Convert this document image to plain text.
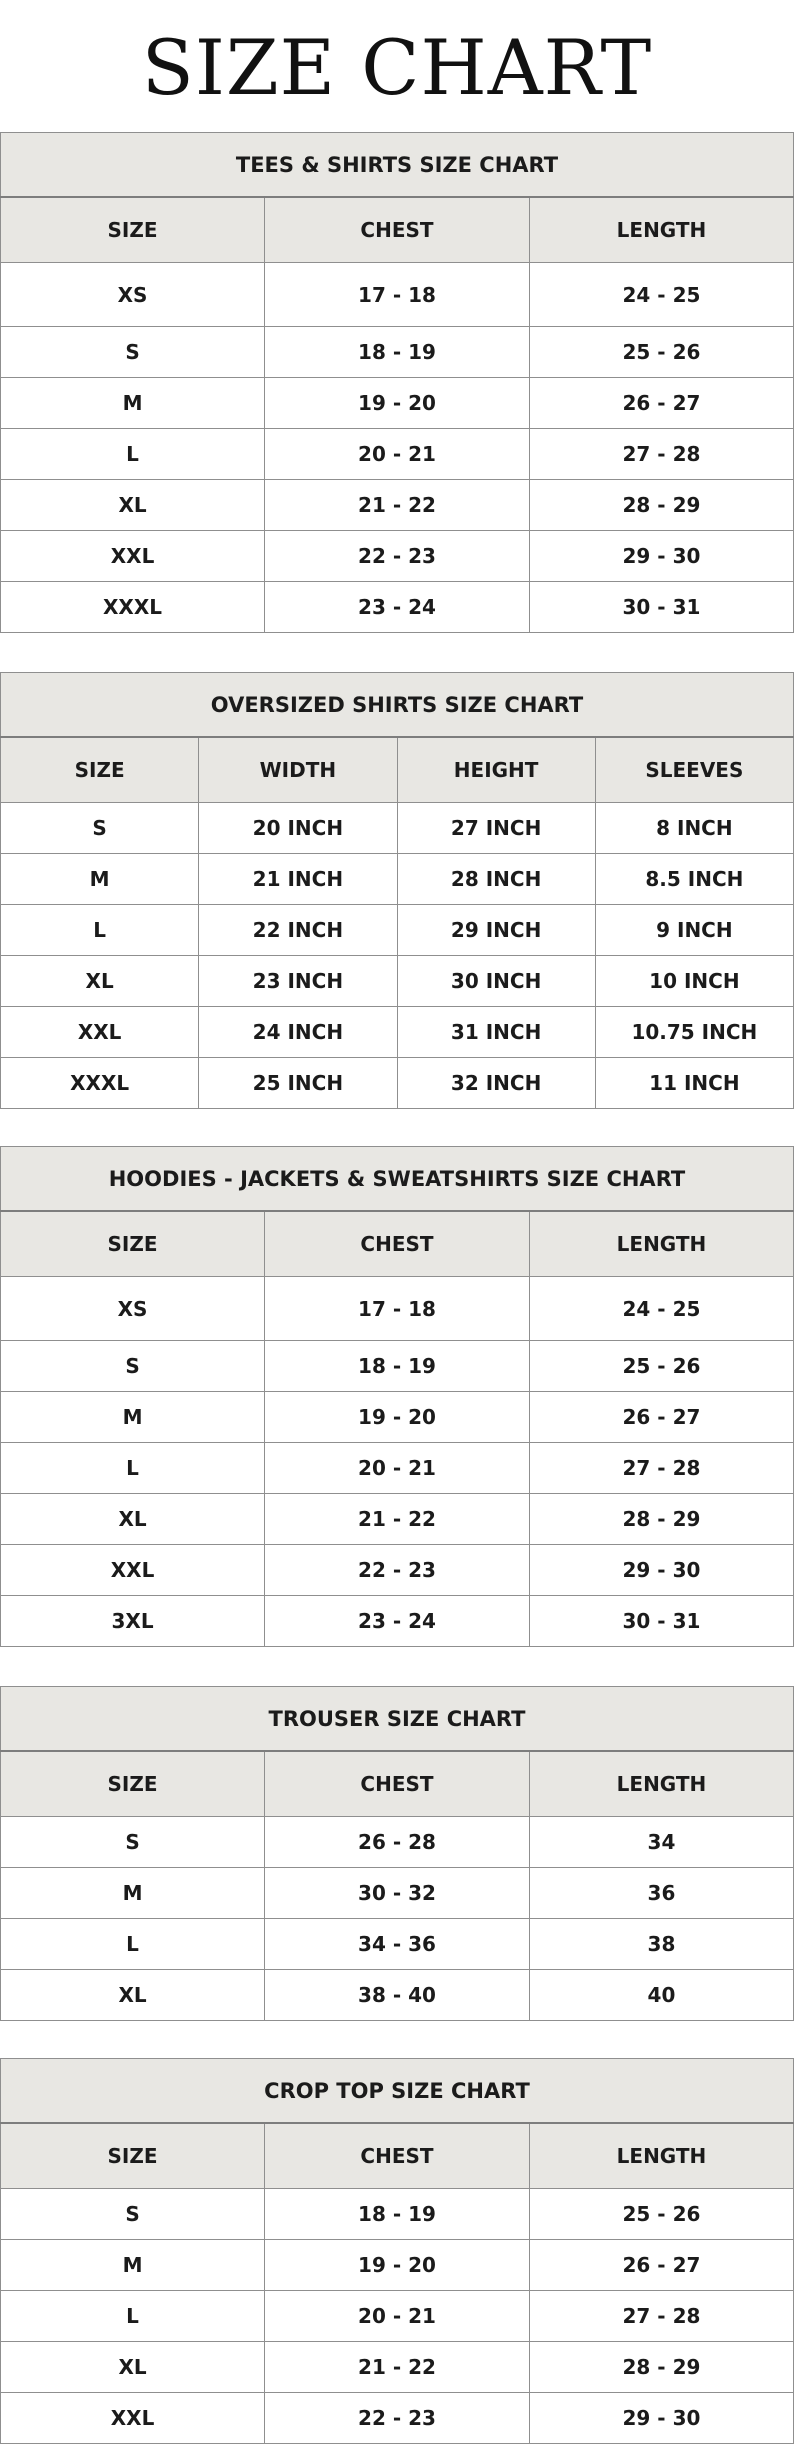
SIZE CHART
TEES & SHIRTS SIZE CHART		
SIZE	CHEST	LENGTH
XS	17 - 18	24 - 25
S	18 - 19	25 - 26
M	19 - 20	26 - 27
L	20 - 21	27 - 28
XL	21 - 22	28 - 29
XXL	22 - 23	29 - 30
XXXL	23 - 24	30 - 31
OVERSIZED SHIRTS SIZE CHART			
SIZE	WIDTH	HEIGHT	SLEEVES
S	20 INCH	27 INCH	8 INCH
M	21 INCH	28 INCH	8.5 INCH
L	22 INCH	29 INCH	9 INCH
XL	23 INCH	30 INCH	10 INCH
XXL	24 INCH	31 INCH	10.75 INCH
XXXL	25 INCH	32 INCH	11 INCH
HOODIES - JACKETS & SWEATSHIRTS SIZE CHART		
SIZE	CHEST	LENGTH
XS	17 - 18	24 - 25
S	18 - 19	25 - 26
M	19 - 20	26 - 27
L	20 - 21	27 - 28
XL	21 - 22	28 - 29
XXL	22 - 23	29 - 30
3XL	23 - 24	30 - 31
TROUSER SIZE CHART		
SIZE	CHEST	LENGTH
S	26 - 28	34
M	30 - 32	36
L	34 - 36	38
XL	38 - 40	40
CROP TOP SIZE CHART		
SIZE	CHEST	LENGTH
S	18 - 19	25 - 26
M	19 - 20	26 - 27
L	20 - 21	27 - 28
XL	21 - 22	28 - 29
XXL	22 - 23	29 - 30
